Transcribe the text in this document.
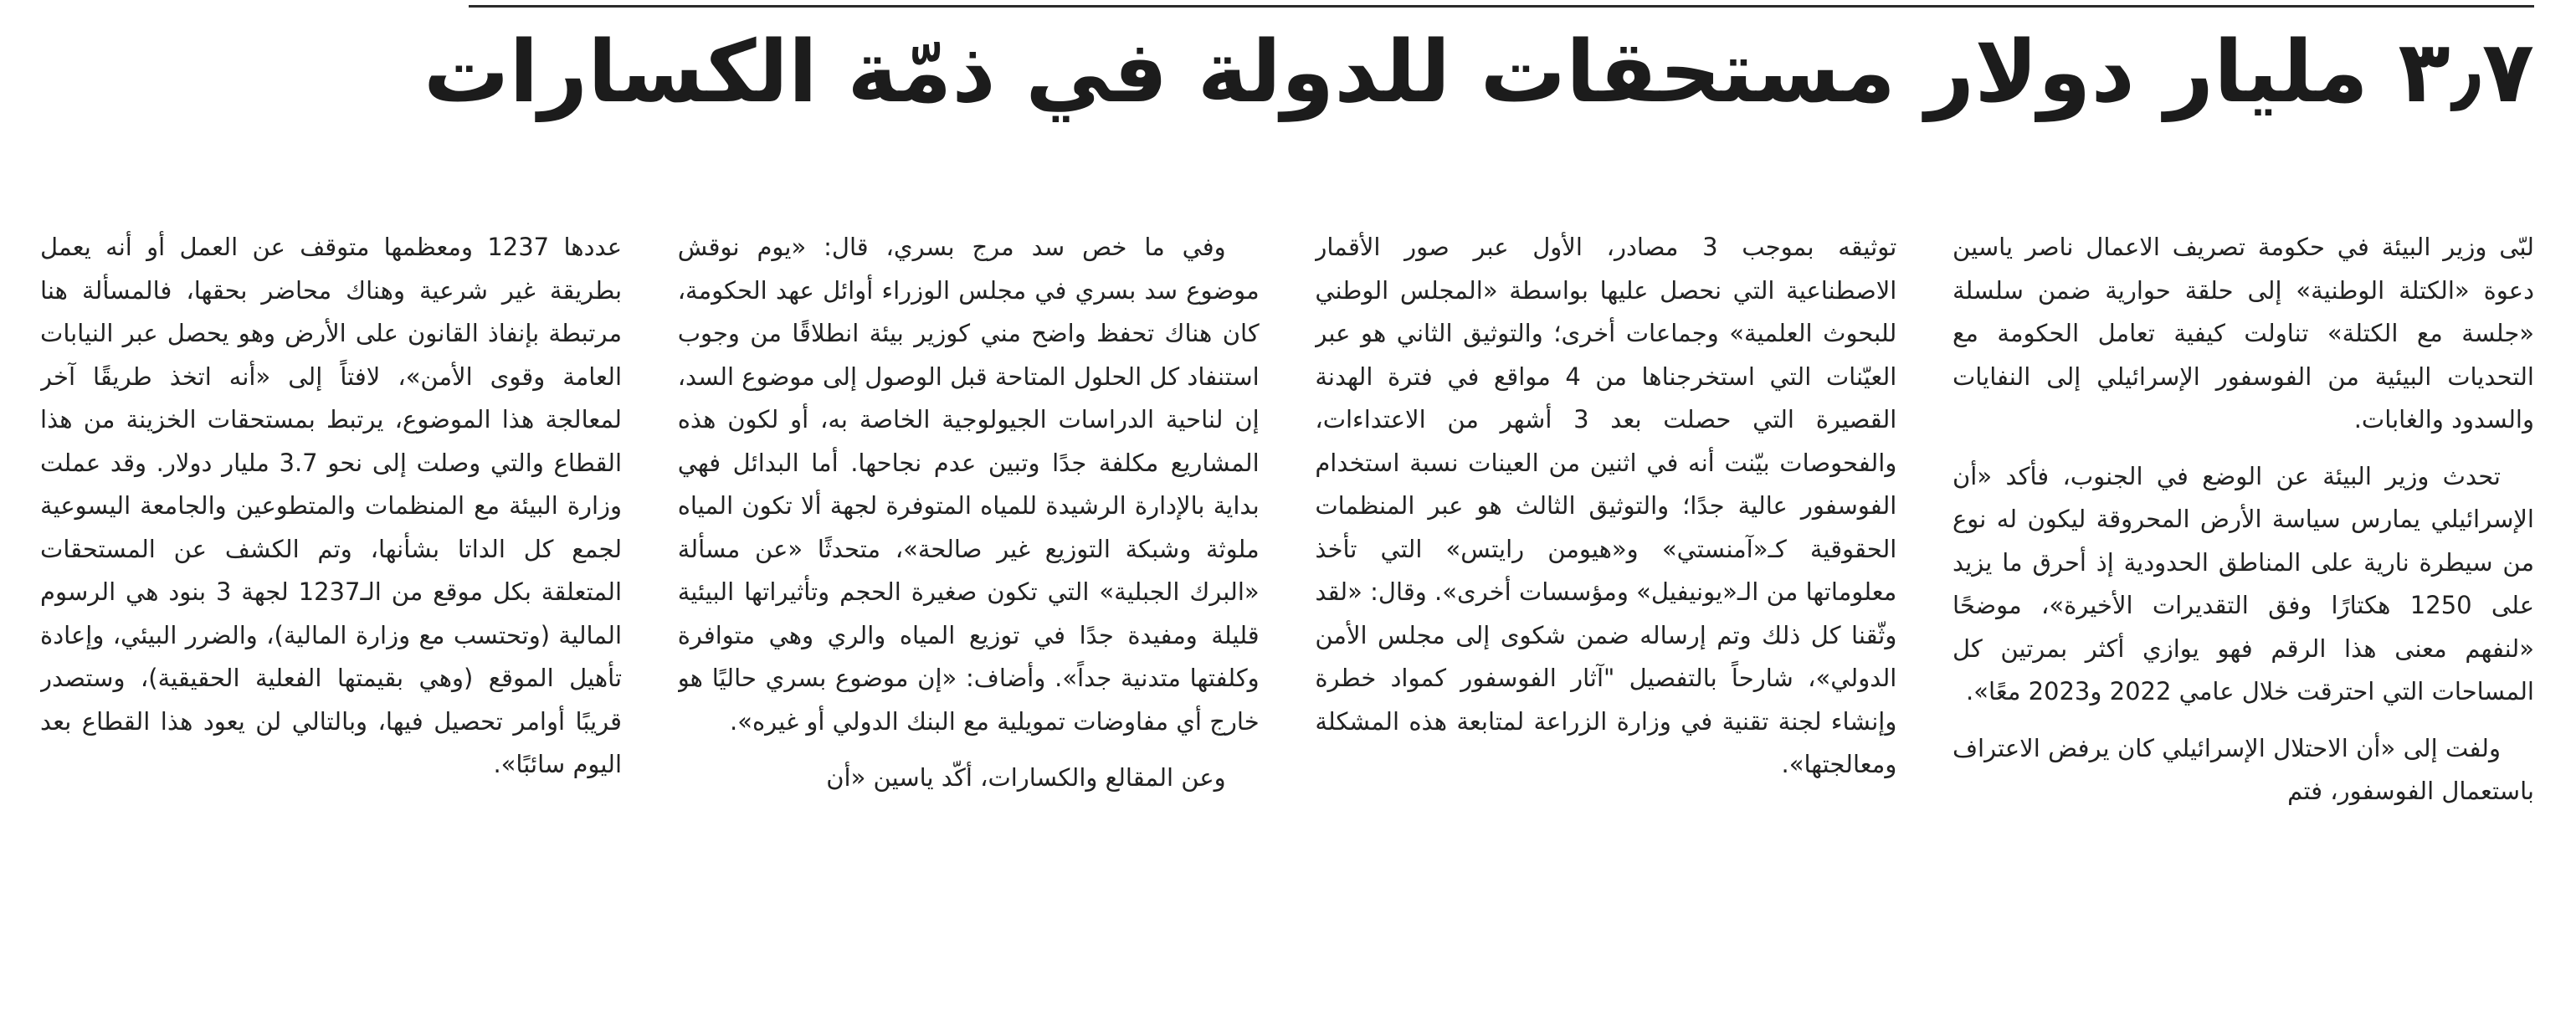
٣٫٧ مليار دولار مستحقات للدولة في ذمّة الكسارات

لبّى وزير البيئة في حكومة تصريف الاعمال ناصر ياسين دعوة «الكتلة الوطنية» إلى حلقة حوارية ضمن سلسلة «جلسة مع الكتلة» تناولت كيفية تعامل الحكومة مع التحديات البيئية من الفوسفور الإسرائيلي إلى النفايات والسدود والغابات.

تحدث وزير البيئة عن الوضع في الجنوب، فأكد «أن الإسرائيلي يمارس سياسة الأرض المحروقة ليكون له نوع من سيطرة نارية على المناطق الحدودية إذ أحرق ما يزيد على 1250 هكتارًا وفق التقديرات الأخيرة»، موضحًا «لنفهم معنى هذا الرقم فهو يوازي أكثر بمرتين كل المساحات التي احترقت خلال عامي 2022 و2023 معًا».

ولفت إلى «أن الاحتلال الإسرائيلي كان يرفض الاعتراف باستعمال الفوسفور، فتم

توثيقه بموجب 3 مصادر، الأول عبر صور الأقمار الاصطناعية التي نحصل عليها بواسطة «المجلس الوطني للبحوث العلمية» وجماعات أخرى؛ والتوثيق الثاني هو عبر العيّنات التي استخرجناها من 4 مواقع في فترة الهدنة القصيرة التي حصلت بعد 3 أشهر من الاعتداءات، والفحوصات بيّنت أنه في اثنين من العينات نسبة استخدام الفوسفور عالية جدًا؛ والتوثيق الثالث هو عبر المنظمات الحقوقية كـ«آمنستي» و«هيومن رايتس» التي تأخذ معلوماتها من الـ«يونيفيل» ومؤسسات أخرى». وقال: «لقد وثّقنا كل ذلك وتم إرساله ضمن شكوى إلى مجلس الأمن الدولي»، شارحاً بالتفصيل "آثار الفوسفور كمواد خطرة وإنشاء لجنة تقنية في وزارة الزراعة لمتابعة هذه المشكلة ومعالجتها».

وفي ما خص سد مرج بسري، قال: «يوم نوقش موضوع سد بسري في مجلس الوزراء أوائل عهد الحكومة، كان هناك تحفظ واضح مني كوزير بيئة انطلاقًا من وجوب استنفاد كل الحلول المتاحة قبل الوصول إلى موضوع السد، إن لناحية الدراسات الجيولوجية الخاصة به، أو لكون هذه المشاريع مكلفة جدًا وتبين عدم نجاحها. أما البدائل فهي بداية بالإدارة الرشيدة للمياه المتوفرة لجهة ألا تكون المياه ملوثة وشبكة التوزيع غير صالحة»، متحدثًا «عن مسألة «البرك الجبلية» التي تكون صغيرة الحجم وتأثيراتها البيئية قليلة ومفيدة جدًا في توزيع المياه والري وهي متوافرة وكلفتها متدنية جداً». وأضاف: «إن موضوع بسري حاليًا هو خارج أي مفاوضات تمويلية مع البنك الدولي أو غيره».

وعن المقالع والكسارات، أكّد ياسين «أن

عددها 1237 ومعظمها متوقف عن العمل أو أنه يعمل بطريقة غير شرعية وهناك محاضر بحقها، فالمسألة هنا مرتبطة بإنفاذ القانون على الأرض وهو يحصل عبر النيابات العامة وقوى الأمن»، لافتاً إلى «أنه اتخذ طريقًا آخر لمعالجة هذا الموضوع، يرتبط بمستحقات الخزينة من هذا القطاع والتي وصلت إلى نحو 3.7 مليار دولار. وقد عملت وزارة البيئة مع المنظمات والمتطوعين والجامعة اليسوعية لجمع كل الداتا بشأنها، وتم الكشف عن المستحقات المتعلقة بكل موقع من الـ1237 لجهة 3 بنود هي الرسوم المالية (وتحتسب مع وزارة المالية)، والضرر البيئي، وإعادة تأهيل الموقع (وهي بقيمتها الفعلية الحقيقية)، وستصدر قريبًا أوامر تحصيل فيها، وبالتالي لن يعود هذا القطاع بعد اليوم سائبًا».
